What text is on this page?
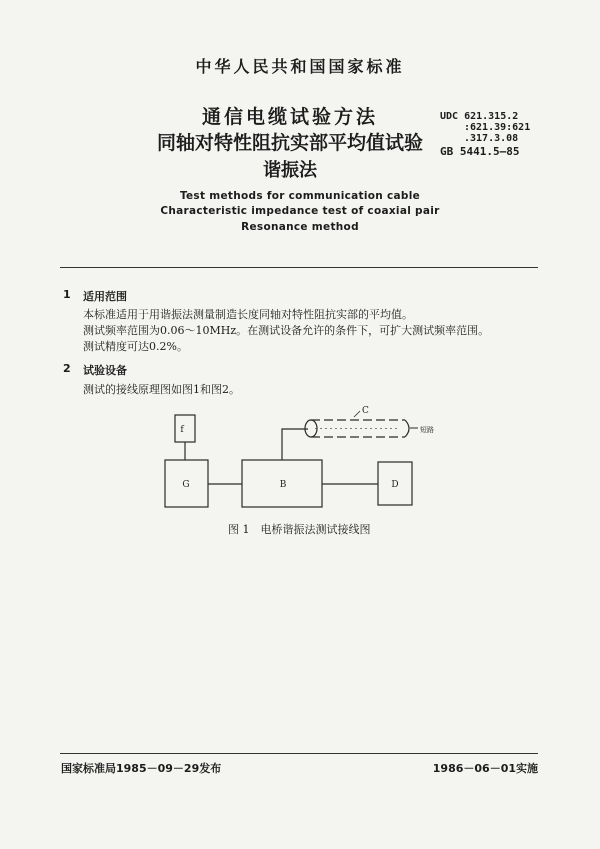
中华人民共和国国家标准
通信电缆试验方法
同轴对特性阻抗实部平均值试验
谐振法
UDC 621.315.2
:621.39:621
.317.3.08
GB 5441.5—85
Test methods for communication cable
Characteristic impedance test of coaxial pair
Resonance method
1 适用范围
本标准适用于用谐振法测量制造长度同轴对特性阻抗实部的平均值。
测试频率范围为0.06～10MHz。在测试设备允许的条件下，可扩大测试频率范围。
测试精度可达0.2%。
2 试验设备
测试的接线原理图如图1和图2。
f
G	B	D
C
短路
图 1　电桥谐振法测试接线图
国家标准局1985－09－29发布	1986－06－01实施
